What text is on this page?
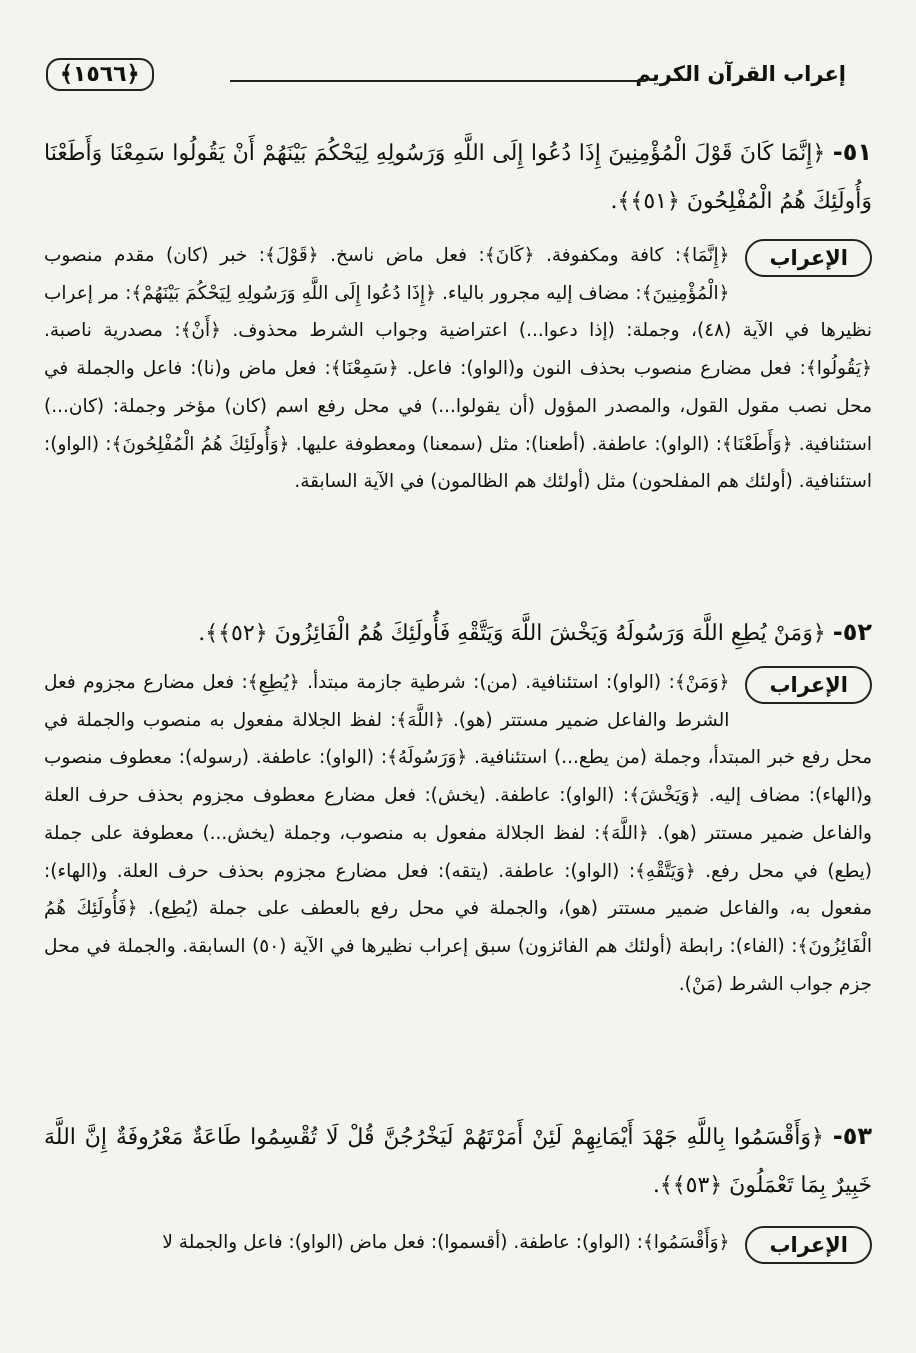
إعراب القرآن الكريم
﴿١٥٦٦﴾
٥١- ﴿إِنَّمَا كَانَ قَوْلَ الْمُؤْمِنِينَ إِذَا دُعُوا إِلَى اللَّهِ وَرَسُولِهِ لِيَحْكُمَ بَيْنَهُمْ أَنْ يَقُولُوا سَمِعْنَا وَأَطَعْنَا وَأُولَئِكَ هُمُ الْمُفْلِحُونَ ﴿٥١﴾﴾.
الإعراب
﴿إِنَّمَا﴾: كافة ومكفوفة. ﴿كَانَ﴾: فعل ماض ناسخ. ﴿قَوْلَ﴾: خبر (كان) مقدم منصوب ﴿الْمُؤْمِنِينَ﴾: مضاف إليه مجرور بالياء. ﴿إِذَا دُعُوا إِلَى اللَّهِ وَرَسُولِهِ لِيَحْكُمَ بَيْنَهُمْ﴾: مر إعراب نظيرها في الآية (٤٨)، وجملة: (إذا دعوا...) اعتراضية وجواب الشرط محذوف. ﴿أَنْ﴾: مصدرية ناصبة. ﴿يَقُولُوا﴾: فعل مضارع منصوب بحذف النون و(الواو): فاعل. ﴿سَمِعْنَا﴾: فعل ماض و(نا): فاعل والجملة في محل نصب مقول القول، والمصدر المؤول (أن يقولوا...) في محل رفع اسم (كان) مؤخر وجملة: (كان...) استئنافية. ﴿وَأَطَعْنَا﴾: (الواو): عاطفة. (أطعنا): مثل (سمعنا) ومعطوفة عليها. ﴿وَأُولَئِكَ هُمُ الْمُفْلِحُونَ﴾: (الواو): استئنافية. (أولئك هم المفلحون) مثل (أولئك هم الظالمون) في الآية السابقة.
٥٢- ﴿وَمَنْ يُطِعِ اللَّهَ وَرَسُولَهُ وَيَخْشَ اللَّهَ وَيَتَّقْهِ فَأُولَئِكَ هُمُ الْفَائِزُونَ ﴿٥٢﴾﴾.
الإعراب
﴿وَمَنْ﴾: (الواو): استئنافية. (من): شرطية جازمة مبتدأ. ﴿يُطِعِ﴾: فعل مضارع مجزوم فعل الشرط والفاعل ضمير مستتر (هو). ﴿اللَّهَ﴾: لفظ الجلالة مفعول به منصوب والجملة في محل رفع خبر المبتدأ، وجملة (من يطع...) استئنافية. ﴿وَرَسُولَهُ﴾: (الواو): عاطفة. (رسوله): معطوف منصوب و(الهاء): مضاف إليه. ﴿وَيَخْشَ﴾: (الواو): عاطفة. (يخش): فعل مضارع معطوف مجزوم بحذف حرف العلة والفاعل ضمير مستتر (هو). ﴿اللَّهَ﴾: لفظ الجلالة مفعول به منصوب، وجملة (يخش...) معطوفة على جملة (يطع) في محل رفع. ﴿وَيَتَّقْهِ﴾: (الواو): عاطفة. (يتقه): فعل مضارع مجزوم بحذف حرف العلة. و(الهاء): مفعول به، والفاعل ضمير مستتر (هو)، والجملة في محل رفع بالعطف على جملة (يُطِع). ﴿فَأُولَئِكَ هُمُ الْفَائِزُونَ﴾: (الفاء): رابطة (أولئك هم الفائزون) سبق إعراب نظيرها في الآية (٥٠) السابقة. والجملة في محل جزم جواب الشرط (مَنْ).
٥٣- ﴿وَأَقْسَمُوا بِاللَّهِ جَهْدَ أَيْمَانِهِمْ لَئِنْ أَمَرْتَهُمْ لَيَخْرُجُنَّ قُلْ لَا تُقْسِمُوا طَاعَةٌ مَعْرُوفَةٌ إِنَّ اللَّهَ خَبِيرٌ بِمَا تَعْمَلُونَ ﴿٥٣﴾﴾.
الإعراب
﴿وَأَقْسَمُوا﴾: (الواو): عاطفة. (أقسموا): فعل ماض (الواو): فاعل والجملة لا
